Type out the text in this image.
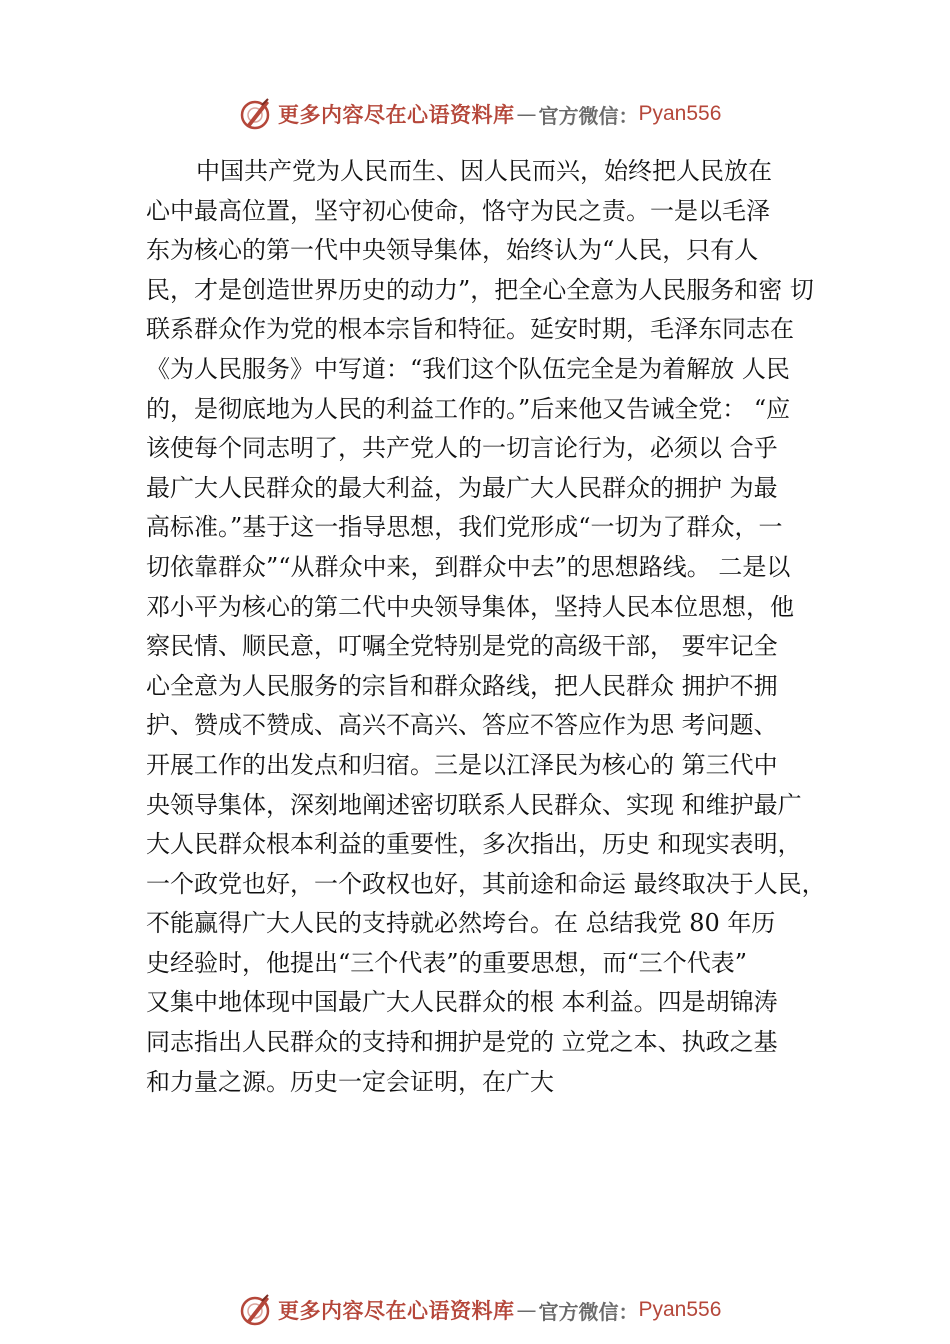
更多内容尽在心语资料库 — 官方微信： Pyan556
中国共产党为人民而生、因人民而兴，始终把人民放在
心中最高位置，坚守初心使命，恪守为民之责。一是以毛泽
东为核心的第一代中央领导集体，始终认为“人民，只有人
民，才是创造世界历史的动力”，把全心全意为人民服务和密 切
联系群众作为党的根本宗旨和特征。延安时期，毛泽东同志在
《为人民服务》中写道：“我们这个队伍完全是为着解放 人民
的，是彻底地为人民的利益工作的。”后来他又告诫全党： “应
该使每个同志明了，共产党人的一切言论行为，必须以 合乎
最广大人民群众的最大利益，为最广大人民群众的拥护 为最
高标准。”基于这一指导思想，我们党形成“一切为了群众，一
切依靠群众”“从群众中来，到群众中去”的思想路线。 二是以
邓小平为核心的第二代中央领导集体，坚持人民本位思想，他
察民情、顺民意，叮嘱全党特别是党的高级干部， 要牢记全
心全意为人民服务的宗旨和群众路线，把人民群众 拥护不拥
护、赞成不赞成、高兴不高兴、答应不答应作为思 考问题、
开展工作的出发点和归宿。三是以江泽民为核心的 第三代中
央领导集体，深刻地阐述密切联系人民群众、实现 和维护最广
大人民群众根本利益的重要性，多次指出，历史 和现实表明，
一个政党也好，一个政权也好，其前途和命运 最终取决于人民，
不能赢得广大人民的支持就必然垮台。在 总结我党 80 年历
史经验时，他提出“三个代表”的重要思想，而“三个代表”
又集中地体现中国最广大人民群众的根 本利益。四是胡锦涛
同志指出人民群众的支持和拥护是党的 立党之本、执政之基
和力量之源。历史一定会证明，在广大
更多内容尽在心语资料库 — 官方微信： Pyan556
